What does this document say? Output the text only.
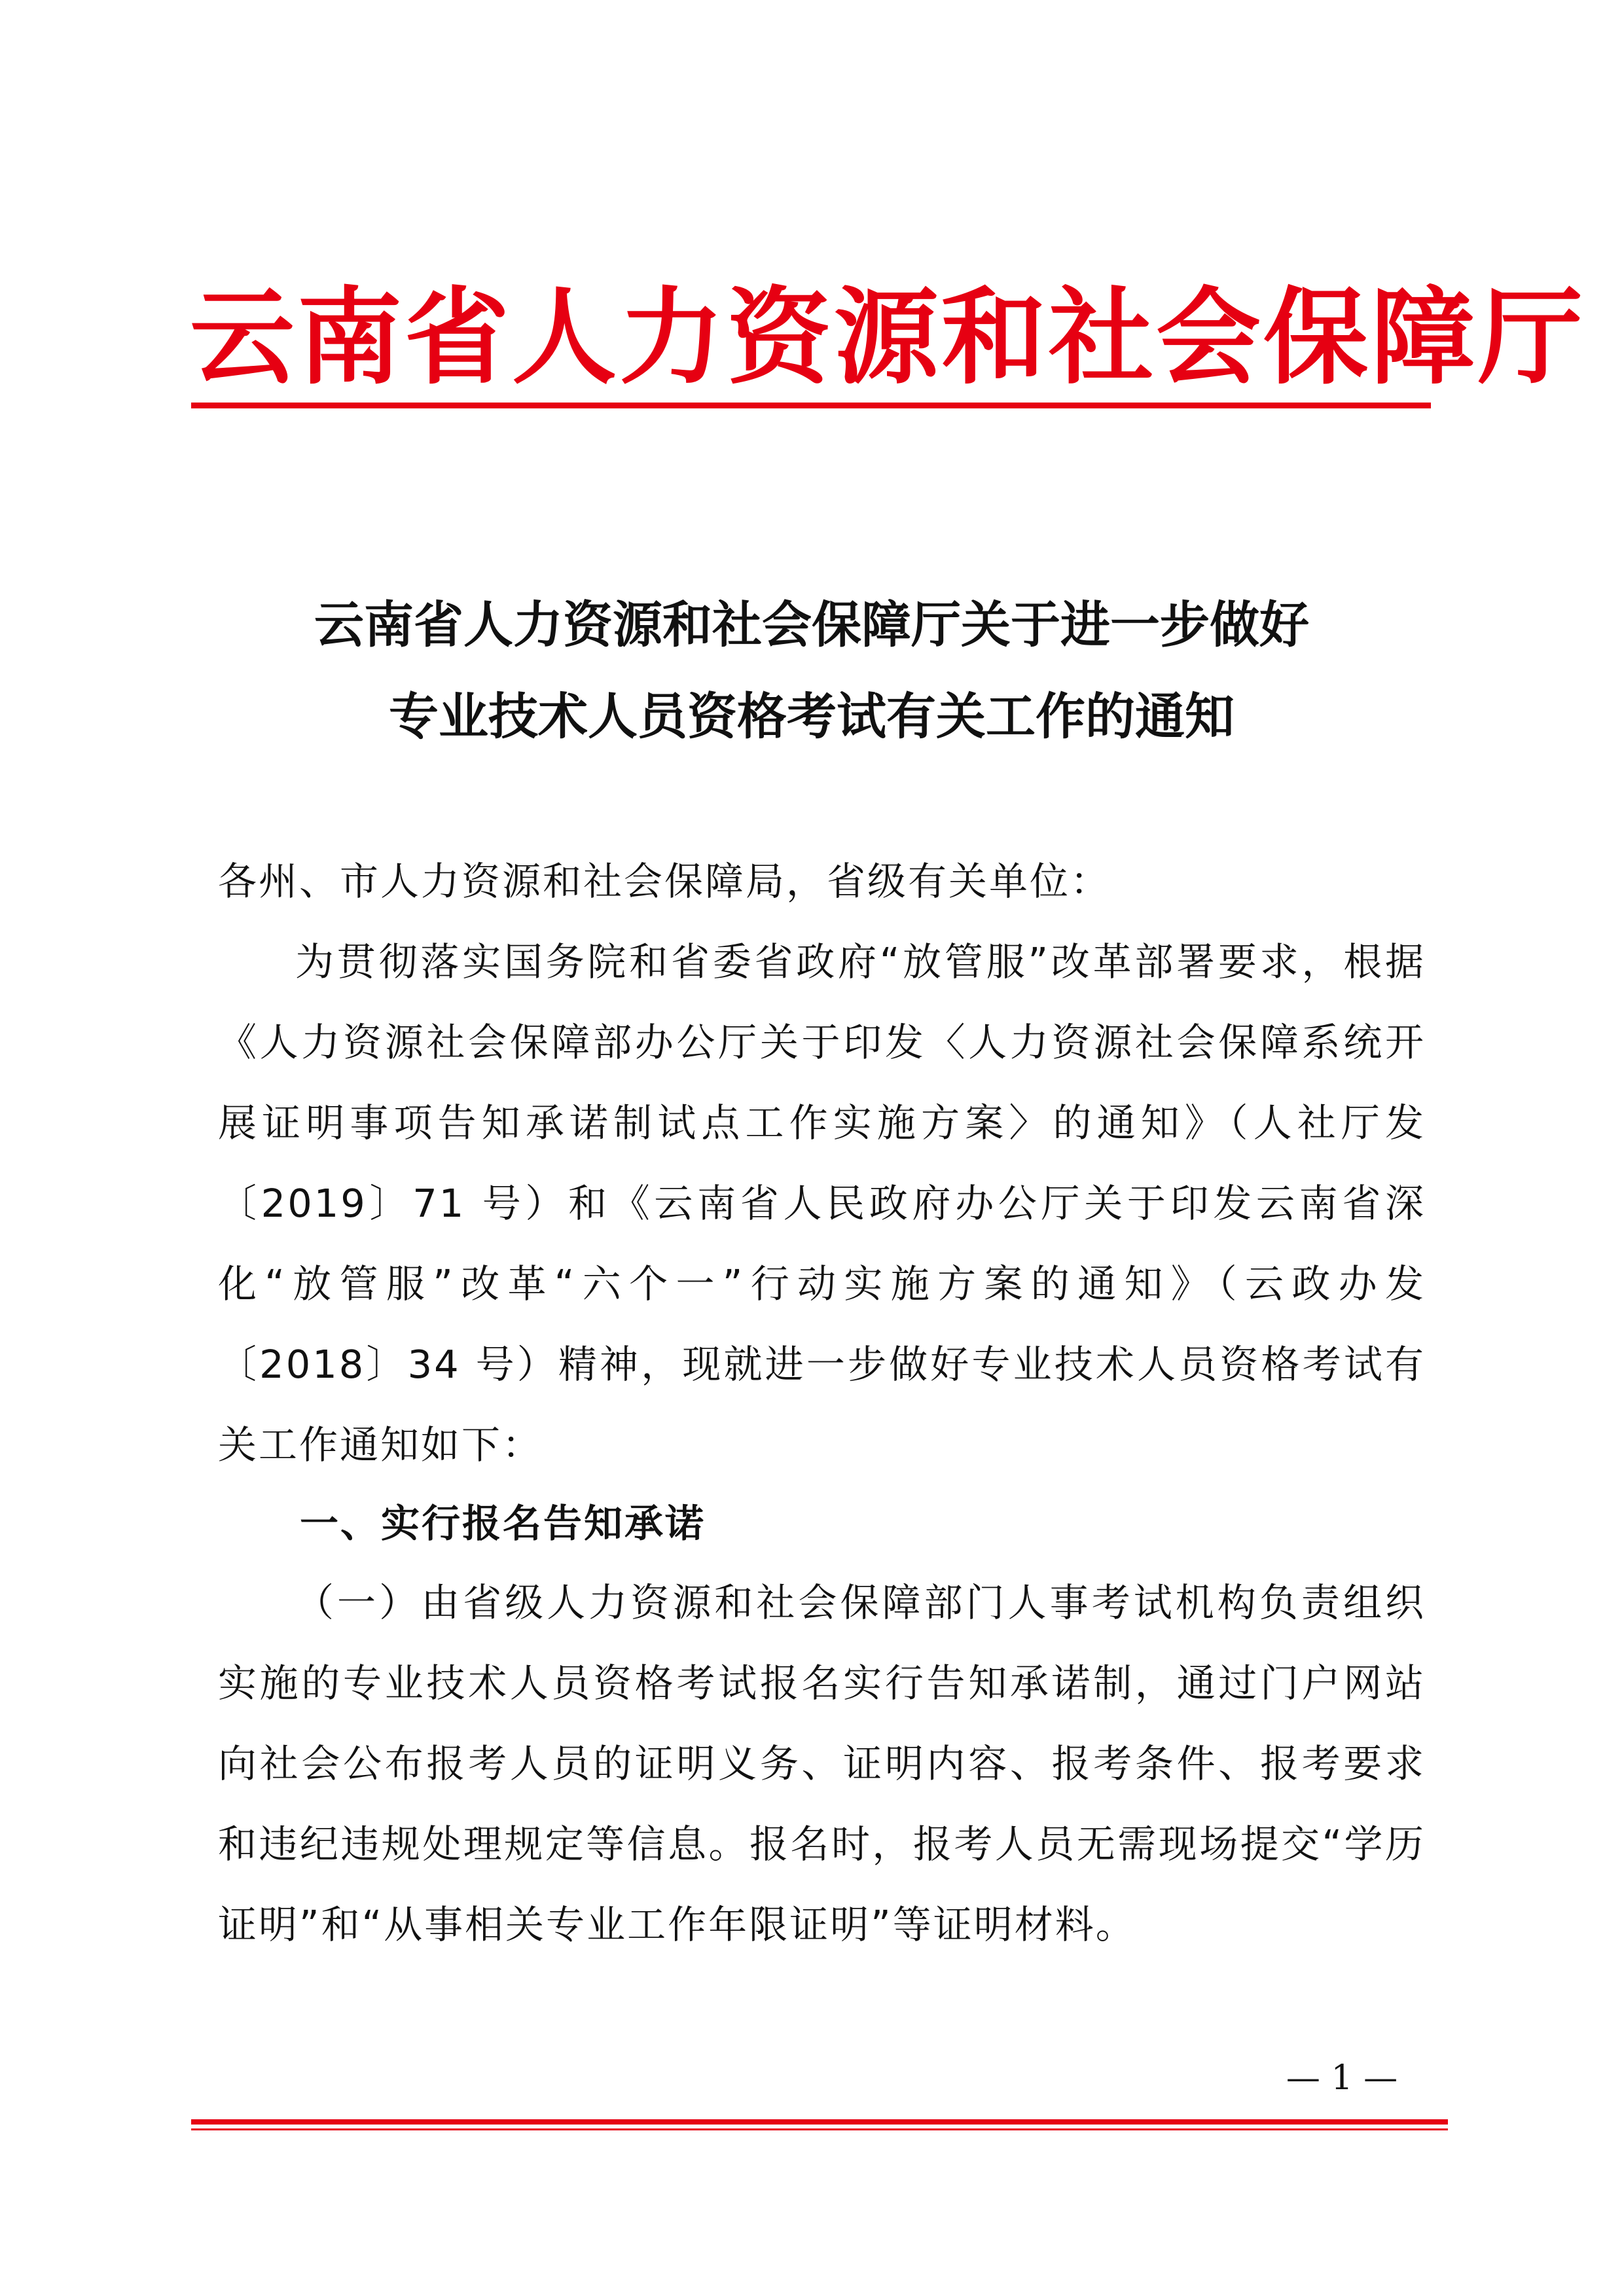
云南省人力资源和社会保障厅
云南省人力资源和社会保障厅关于进一步做好
专业技术人员资格考试有关工作的通知

各州、市人力资源和社会保障局，省级有关单位：

为贯彻落实国务院和省委省政府“放管服”改革部署要求，根据《人力资源社会保障部办公厅关于印发〈人力资源社会保障系统开展证明事项告知承诺制试点工作实施方案〉的通知》（人社厅发〔2019〕71 号）和《云南省人民政府办公厅关于印发云南省深化“放管服”改革“六个一”行动实施方案的通知》（云政办发〔2018〕34 号）精神，现就进一步做好专业技术人员资格考试有关工作通知如下：

一、实行报名告知承诺

（一）由省级人力资源和社会保障部门人事考试机构负责组织实施的专业技术人员资格考试报名实行告知承诺制，通过门户网站向社会公布报考人员的证明义务、证明内容、报考条件、报考要求和违纪违规处理规定等信息。报名时，报考人员无需现场提交“学历证明”和“从事相关专业工作年限证明”等证明材料。

— 1 —
